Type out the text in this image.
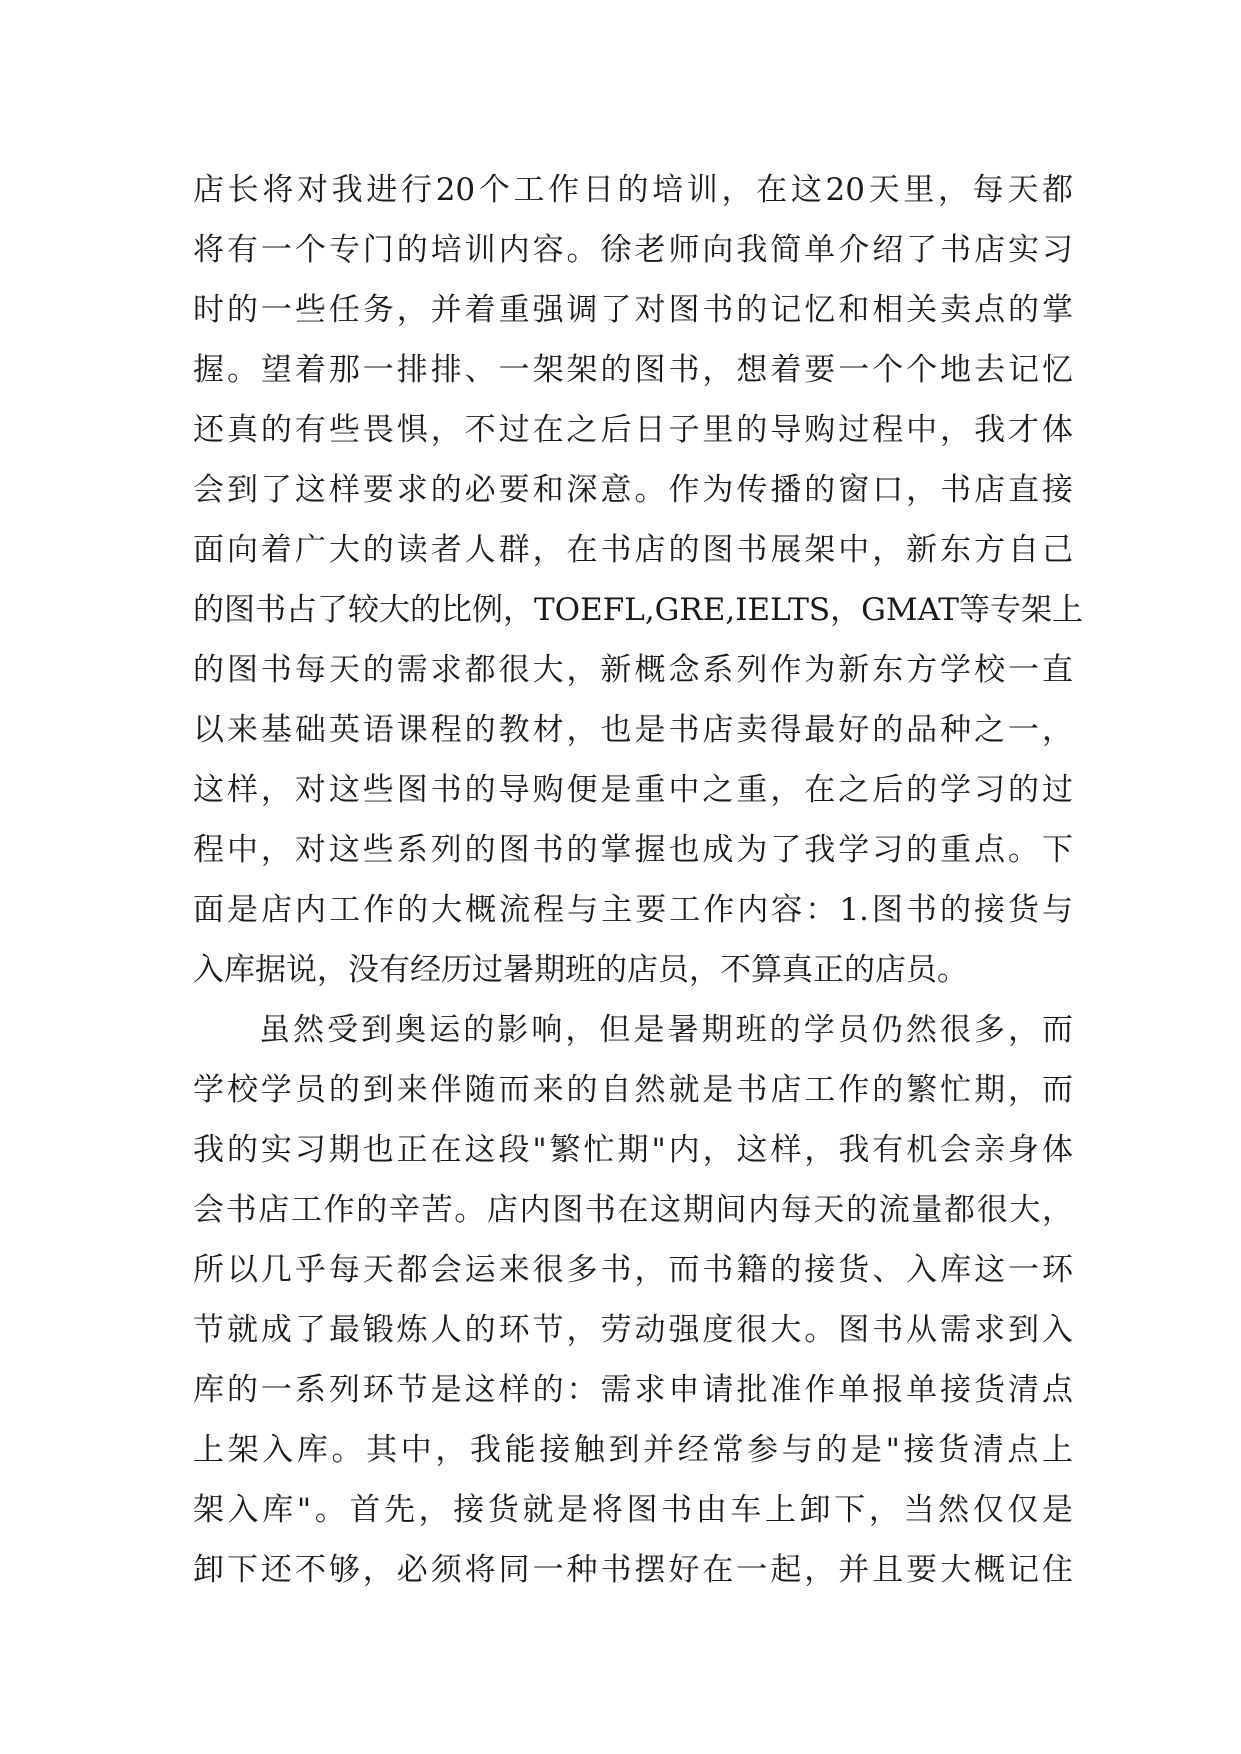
店长将对我进行20个工作日的培训，在这20天里，每天都
将有一个专门的培训内容。徐老师向我简单介绍了书店实习
时的一些任务，并着重强调了对图书的记忆和相关卖点的掌
握。望着那一排排、一架架的图书，想着要一个个地去记忆
还真的有些畏惧，不过在之后日子里的导购过程中，我才体
会到了这样要求的必要和深意。作为传播的窗口，书店直接
面向着广大的读者人群，在书店的图书展架中，新东方自己
的图书占了较大的比例，TOEFL,GRE,IELTS，GMAT等专架上
的图书每天的需求都很大，新概念系列作为新东方学校一直
以来基础英语课程的教材，也是书店卖得最好的品种之一，
这样，对这些图书的导购便是重中之重，在之后的学习的过
程中，对这些系列的图书的掌握也成为了我学习的重点。下
面是店内工作的大概流程与主要工作内容：1.图书的接货与
入库据说，没有经历过暑期班的店员，不算真正的店员。
虽然受到奥运的影响，但是暑期班的学员仍然很多，而
学校学员的到来伴随而来的自然就是书店工作的繁忙期，而
我的实习期也正在这段"繁忙期"内，这样，我有机会亲身体
会书店工作的辛苦。店内图书在这期间内每天的流量都很大，
所以几乎每天都会运来很多书，而书籍的接货、入库这一环
节就成了最锻炼人的环节，劳动强度很大。图书从需求到入
库的一系列环节是这样的：需求申请批准作单报单接货清点
上架入库。其中，我能接触到并经常参与的是"接货清点上
架入库"。首先，接货就是将图书由车上卸下，当然仅仅是
卸下还不够，必须将同一种书摆好在一起，并且要大概记住
